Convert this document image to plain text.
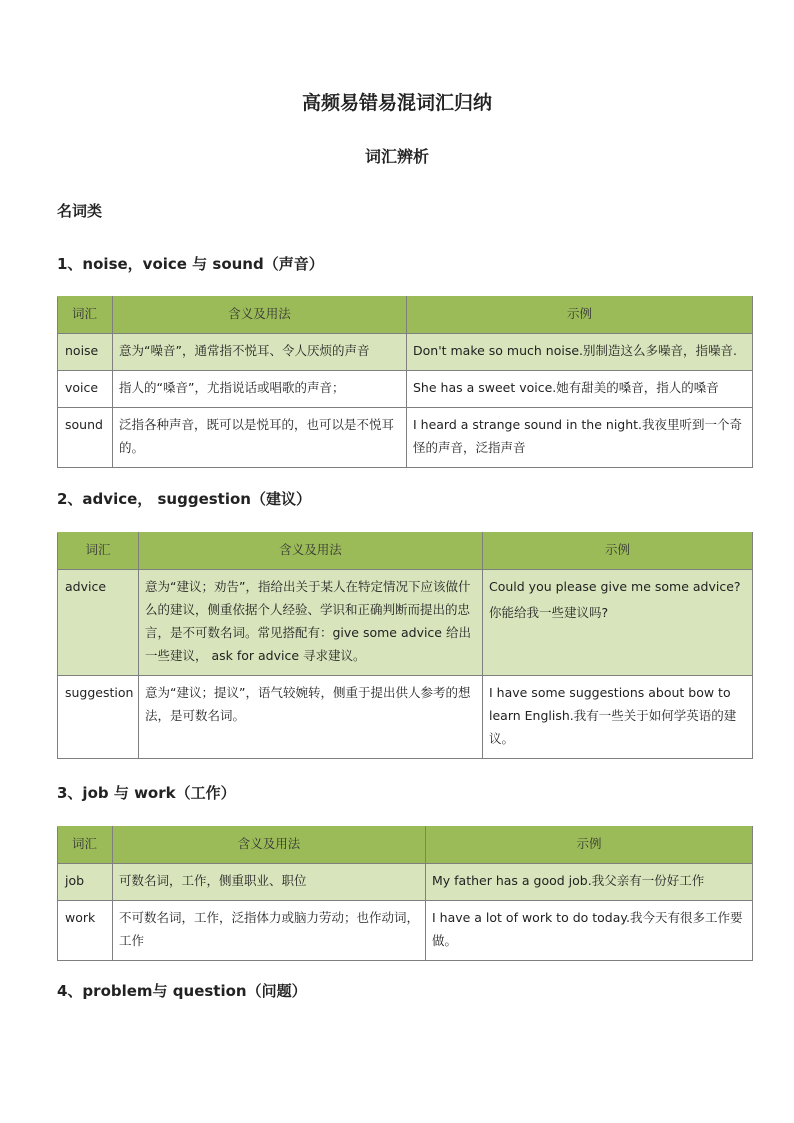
高频易错易混词汇归纳
词汇辨析
名词类
1、noise，voice 与 sound（声音）
词汇	含义及用法	示例
noise	意为“噪音”，通常指不悦耳、令人厌烦的声音	Don't make so much noise.别制造这么多噪音，指噪音.
voice	指人的“嗓音”，尤指说话或唱歌的声音；	She has a sweet voice.她有甜美的嗓音，指人的嗓音
sound	泛指各种声音，既可以是悦耳的，也可以是不悦耳的。	I heard a strange sound in the night.我夜里听到一个奇怪的声音，泛指声音
2、advice， suggestion（建议）
词汇	含义及用法	示例
advice	意为“建议；劝告”，指给出关于某人在特定情况下应该做什么的建议，侧重依据个人经验、学识和正确判断而提出的忠言，是不可数名词。常见搭配有：give some advice 给出一些建议， ask for advice 寻求建议。	Could you please give me some advice?
你能给我一些建议吗?

suggestion	意为“建议；提议”，语气较婉转，侧重于提出供人参考的想法，是可数名词。	I have some suggestions about bow to learn English.我有一些关于如何学英语的建议。
3、job 与 work（工作）
词汇	含义及用法	示例
job	可数名词，工作，侧重职业、职位	My father has a good job.我父亲有一份好工作
work	不可数名词，工作，泛指体力或脑力劳动；也作动词，工作	I have a lot of work to do today.我今天有很多工作要做。
4、problem与 question（问题）
